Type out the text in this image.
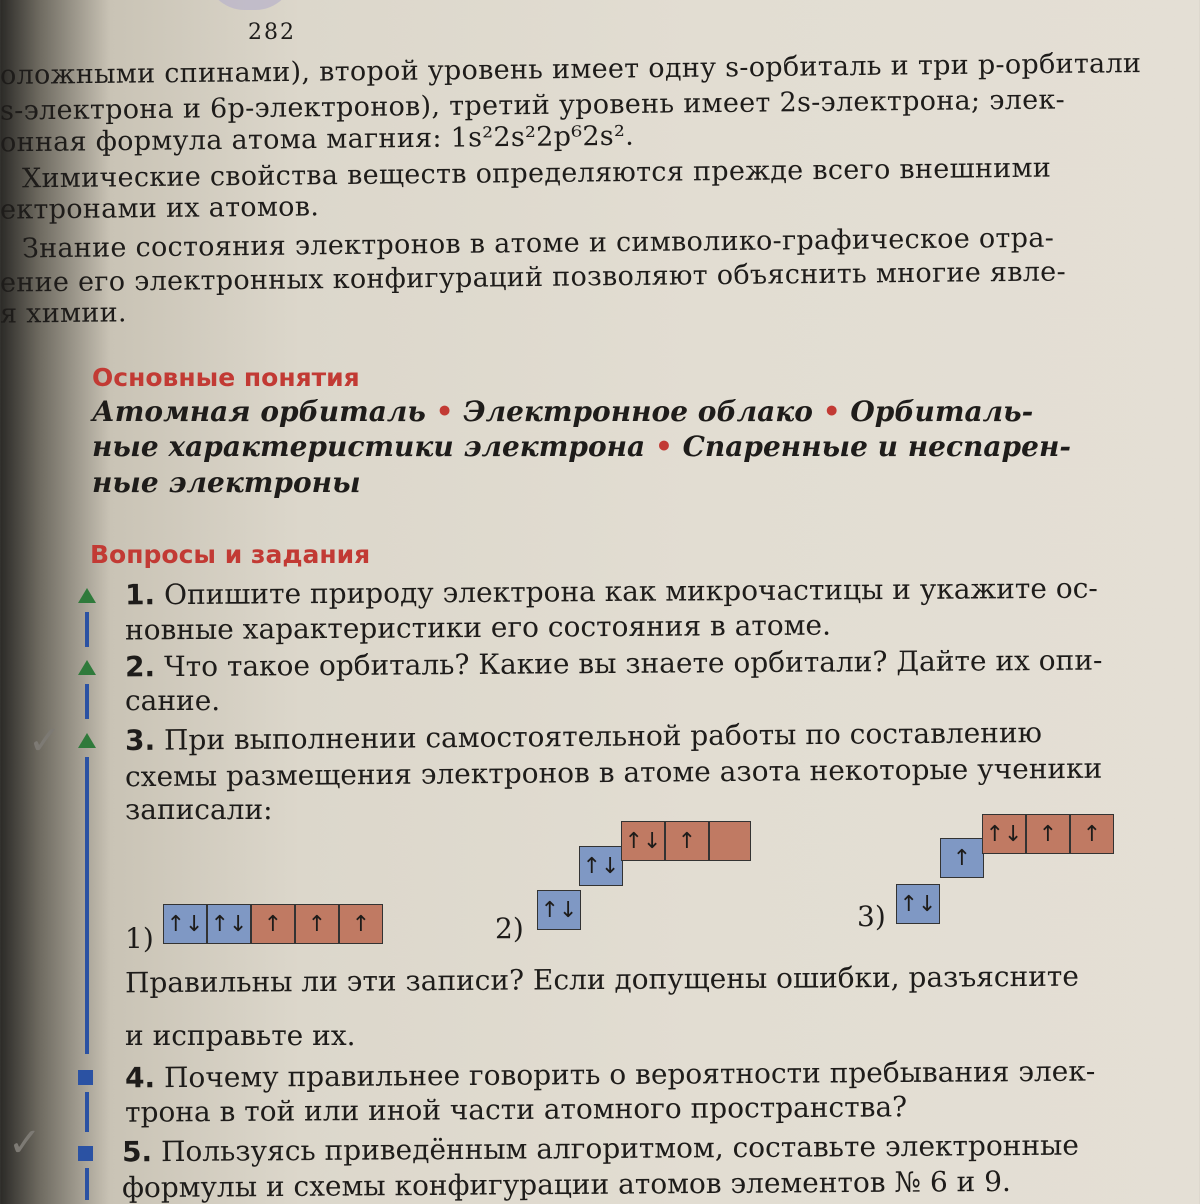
282
оложными спинами), второй уровень имеет одну s-орбиталь и три p-орбитали
s-электрона и 6p-электронов), третий уровень имеет 2s-электрона; элек-
онная формула атома магния: 1s²2s²2p⁶2s².
Химические свойства веществ определяются прежде всего внешними
ектронами их атомов.
Знание состояния электронов в атоме и символико-графическое отра-
ение его электронных конфигураций позволяют объяснить многие явле-
я химии.
Основные понятия
Атомная орбиталь • Электронное облако • Орбиталь-
ные характеристики электрона • Спаренные и неспарен-
ные электроны
Вопросы и задания
✓
✓
1. Опишите природу электрона как микрочастицы и укажите ос-
новные характеристики его состояния в атоме.
2. Что такое орбиталь? Какие вы знаете орбитали? Дайте их опи-
сание.
3. При выполнении самостоятельной работы по составлению
схемы размещения электронов в атоме азота некоторые ученики
записали:
1) ↑↓ ↑↓ ↑	↑	↑	2)
↑↓
↑↓
↑↓ ↑
3) ↑↓
↑
↑↓ ↑	↑
Правильны ли эти записи? Если допущены ошибки, разъясните
и исправьте их.
4. Почему правильнее говорить о вероятности пребывания элек-
трона в той или иной части атомного пространства?
5. Пользуясь приведённым алгоритмом, составьте электронные
формулы и схемы конфигурации атомов элементов № 6 и 9.
